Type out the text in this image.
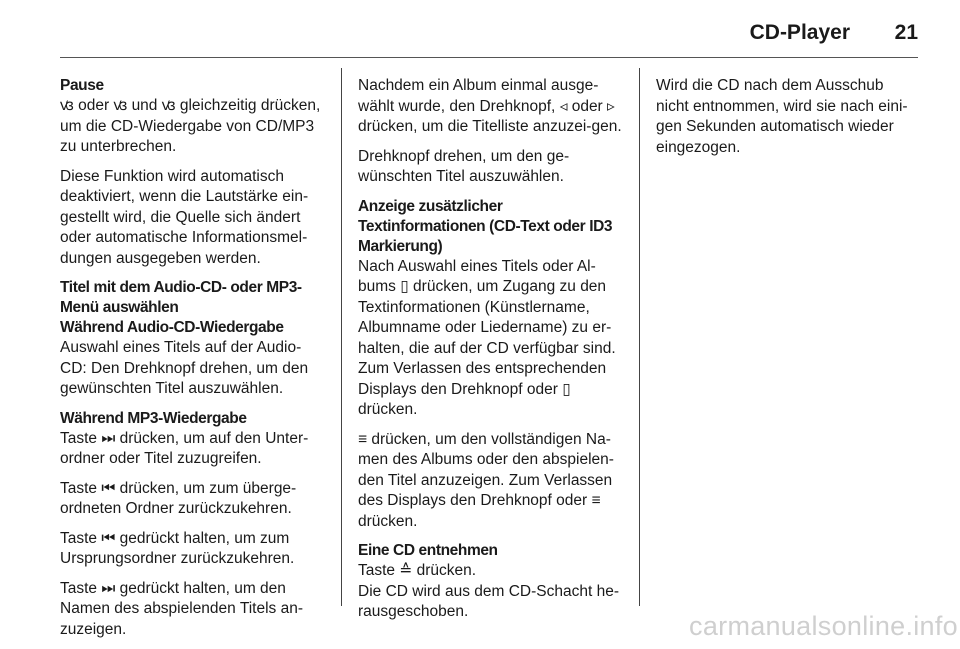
CD-Player 21
Pause

ꟃ oder ꟃ und ꟃ gleichzeitig drücken, um die CD-Wiedergabe von CD/MP3 zu unterbrechen.

Diese Funktion wird automatisch deaktiviert, wenn die Lautstärke ein-gestellt wird, die Quelle sich ändert oder automatische Informationsmel-dungen ausgegeben werden.

Titel mit dem Audio-CD- oder MP3-Menü auswählen
Während Audio-CD-Wiedergabe

Auswahl eines Titels auf der Audio-CD: Den Drehknopf drehen, um den gewünschten Titel auszuwählen.

Während MP3-Wiedergabe

Taste ⏭ drücken, um auf den Unter-ordner oder Titel zuzugreifen.

Taste ⏮ drücken, um zum überge-ordneten Ordner zurückzukehren.

Taste ⏮ gedrückt halten, um zum Ursprungsordner zurückzukehren.

Taste ⏭ gedrückt halten, um den Namen des abspielenden Titels an-zuzeigen.

Nachdem ein Album einmal ausge-wählt wurde, den Drehknopf, ◃ oder ▹ drücken, um die Titelliste anzuzei-gen.

Drehknopf drehen, um den ge-wünschten Titel auszuwählen.

Anzeige zusätzlicher Textinformationen (CD-Text oder ID3 Markierung)

Nach Auswahl eines Titels oder Al-bums ▯ drücken, um Zugang zu den Textinformationen (Künstlername, Albumname oder Liedername) zu er-halten, die auf der CD verfügbar sind. Zum Verlassen des entsprechenden Displays den Drehknopf oder ▯ drücken.

≡ drücken, um den vollständigen Na-men des Albums oder den abspielen-den Titel anzuzeigen. Zum Verlassen des Displays den Drehknopf oder ≡ drücken.

Eine CD entnehmen

Taste ≙ drücken.

Die CD wird aus dem CD-Schacht he-rausgeschoben.

Wird die CD nach dem Ausschub nicht entnommen, wird sie nach eini-gen Sekunden automatisch wieder eingezogen.

carmanualsonline.info
